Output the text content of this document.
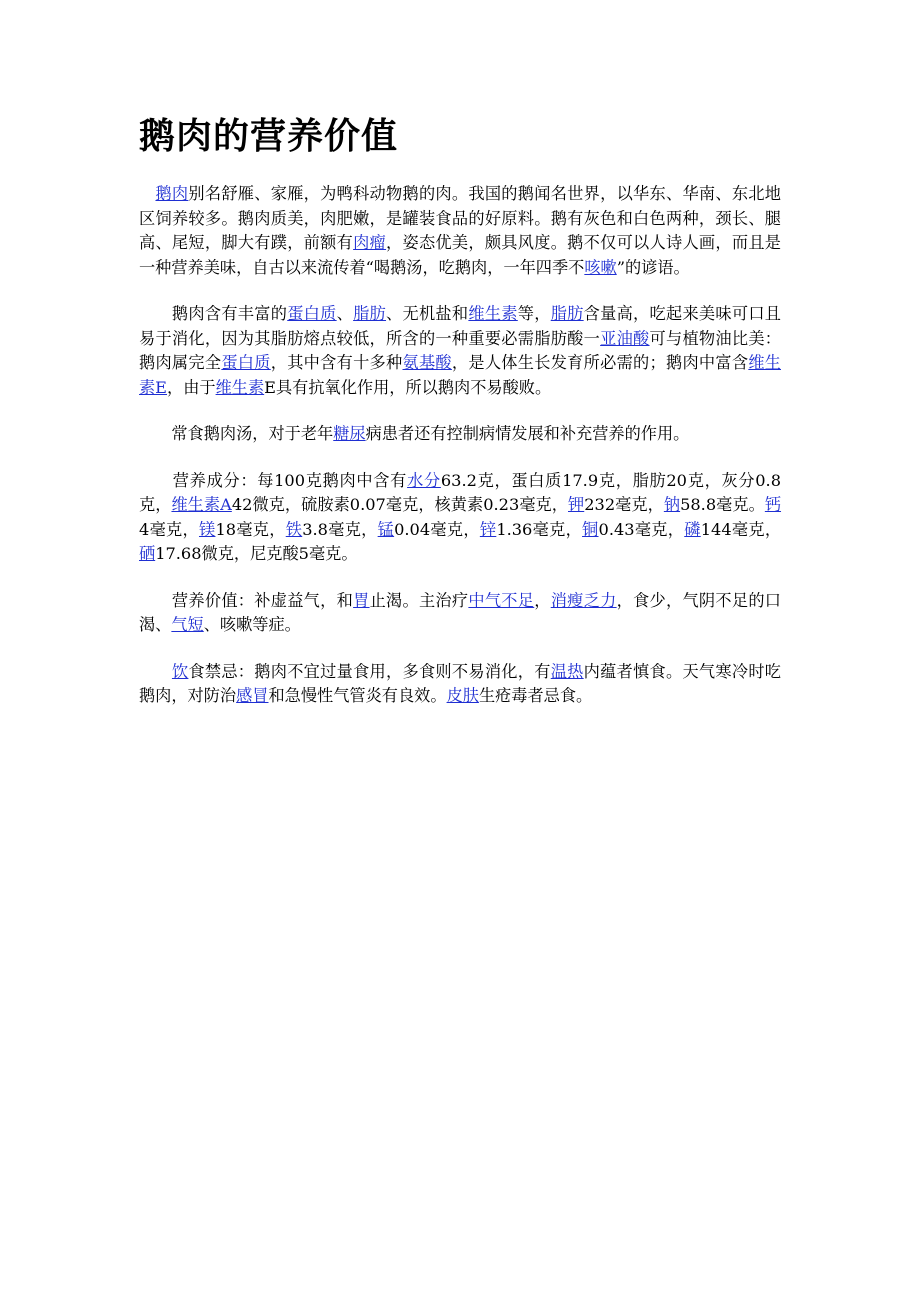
鹅肉的营养价值

　鹅肉别名舒雁、家雁，为鸭科动物鹅的肉。我国的鹅闻名世界，以华东、华南、东北地区饲养较多。鹅肉质美，肉肥嫩，是罐装食品的好原料。鹅有灰色和白色两种，颈长、腿高、尾短，脚大有蹼，前额有肉瘤，姿态优美，颇具风度。鹅不仅可以人诗人画，而且是一种营养美味，自古以来流传着“喝鹅汤，吃鹅肉，一年四季不咳嗽”的谚语。

　　鹅肉含有丰富的蛋白质、脂肪、无机盐和维生素等，脂肪含量高，吃起来美味可口且易于消化，因为其脂肪熔点较低，所含的一种重要必需脂肪酸一亚油酸可与植物油比美：鹅肉属完全蛋白质，其中含有十多种氨基酸，是人体生长发育所必需的；鹅肉中富含维生素E，由于维生素E具有抗氧化作用，所以鹅肉不易酸败。

　　常食鹅肉汤，对于老年糖尿病患者还有控制病情发展和补充营养的作用。

　　营养成分：每100克鹅肉中含有水分63.2克，蛋白质17.9克，脂肪20克，灰分0.8克，维生素A42微克，硫胺素0.07毫克，核黄素0.23毫克，钾232毫克，钠58.8毫克。钙4毫克，镁18毫克，铁3.8毫克，锰0.04毫克，锌1.36毫克，铜0.43毫克，磷144毫克，硒17.68微克，尼克酸5毫克。

　　营养价值：补虚益气，和胃止渴。主治疗中气不足，消瘦乏力，食少，气阴不足的口渴、气短、咳嗽等症。

　　饮食禁忌：鹅肉不宜过量食用，多食则不易消化，有温热内蕴者慎食。天气寒冷时吃鹅肉，对防治感冒和急慢性气管炎有良效。皮肤生疮毒者忌食。
